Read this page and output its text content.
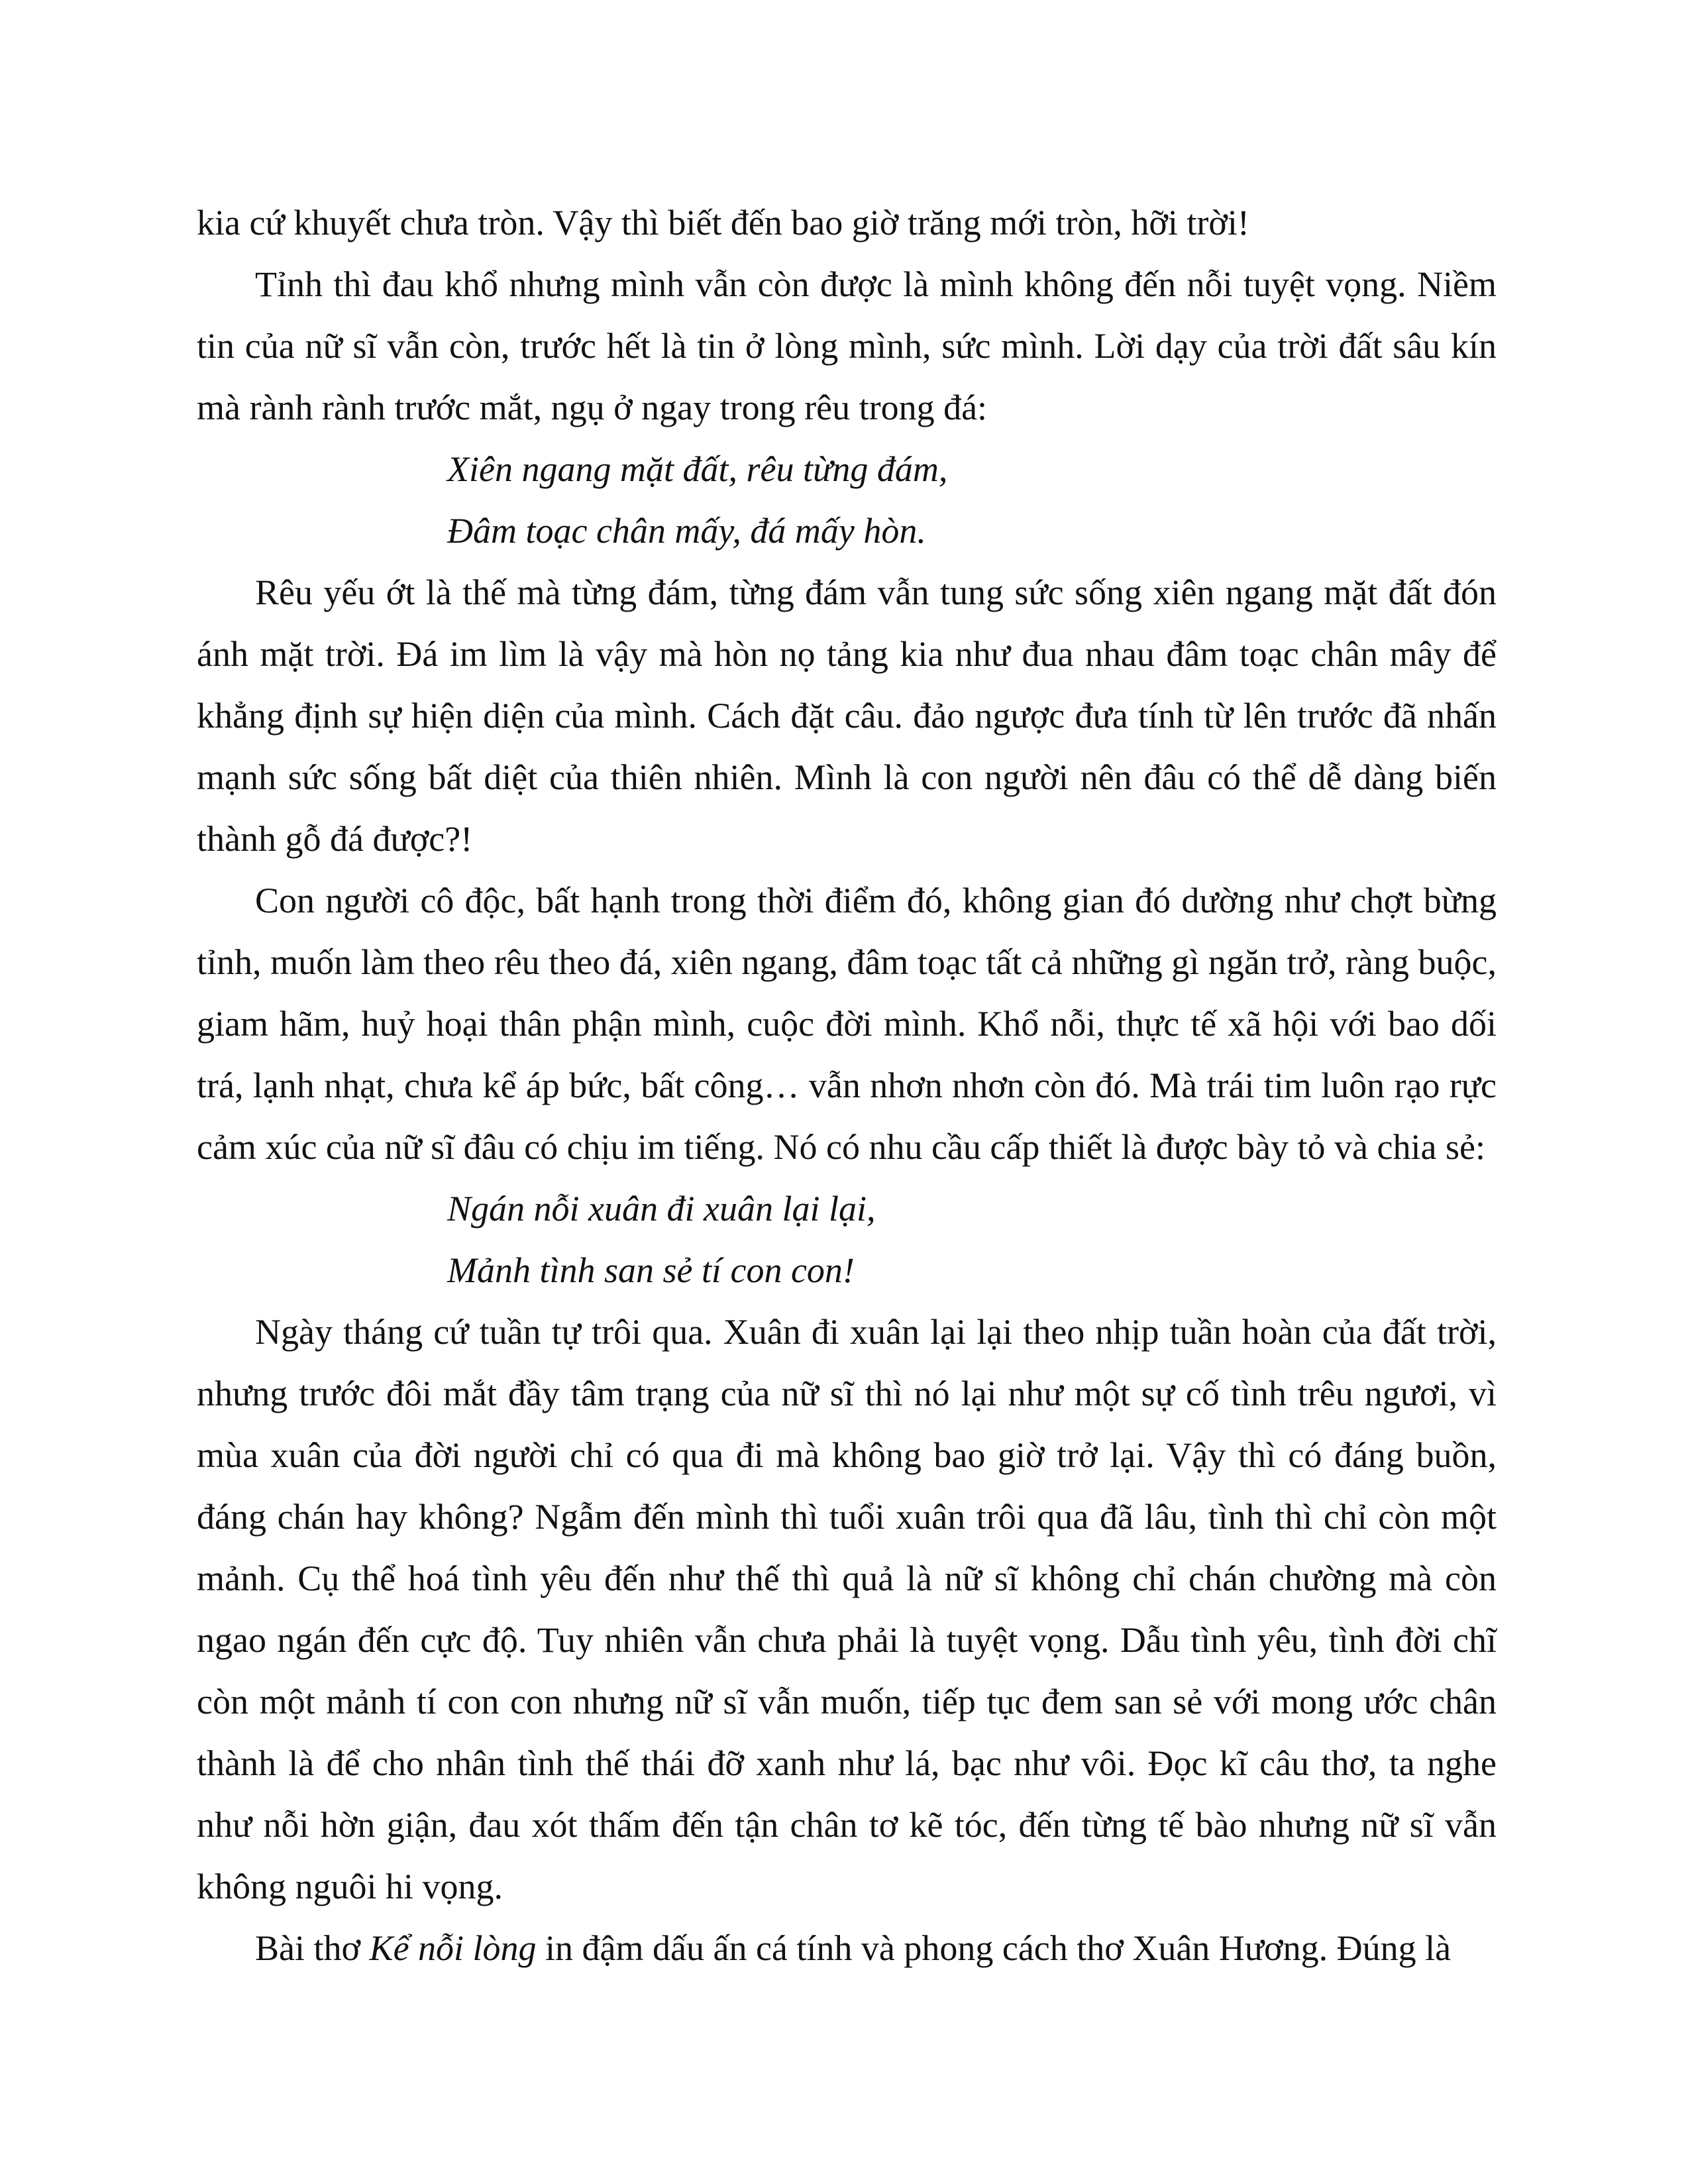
kia cứ khuyết chưa tròn. Vậy thì biết đến bao giờ trăng mới tròn, hỡi trời!

Tỉnh thì đau khổ nhưng mình vẫn còn được là mình không đến nỗi tuyệt vọng. Niềm tin của nữ sĩ vẫn còn, trước hết là tin ở lòng mình, sức mình. Lời dạy của trời đất sâu kín mà rành rành trước mắt, ngụ ở ngay trong rêu trong đá:

Xiên ngang mặt đất, rêu từng đám,
Đâm toạc chân mấy, đá mấy hòn.

Rêu yếu ớt là thế mà từng đám, từng đám vẫn tung sức sống xiên ngang mặt đất đón ánh mặt trời. Đá im lìm là vậy mà hòn nọ tảng kia như đua nhau đâm toạc chân mây để khẳng định sự hiện diện của mình. Cách đặt câu. đảo ngược đưa tính từ lên trước đã nhấn mạnh sức sống bất diệt của thiên nhiên. Mình là con người nên đâu có thể dễ dàng biến thành gỗ đá được?!

Con người cô độc, bất hạnh trong thời điểm đó, không gian đó dường như chợt bừng tỉnh, muốn làm theo rêu theo đá, xiên ngang, đâm toạc tất cả những gì ngăn trở, ràng buộc, giam hãm, huỷ hoại thân phận mình, cuộc đời mình. Khổ nỗi, thực tế xã hội với bao dối trá, lạnh nhạt, chưa kể áp bức, bất công… vẫn nhơn nhơn còn đó. Mà trái tim luôn rạo rực cảm xúc của nữ sĩ đâu có chịu im tiếng. Nó có nhu cầu cấp thiết là được bày tỏ và chia sẻ:

Ngán nỗi xuân đi xuân lại lại,
Mảnh tình san sẻ tí con con!

Ngày tháng cứ tuần tự trôi qua. Xuân đi xuân lại lại theo nhịp tuần hoàn của đất trời, nhưng trước đôi mắt đầy tâm trạng của nữ sĩ thì nó lại như một sự cố tình trêu ngươi, vì mùa xuân của đời người chỉ có qua đi mà không bao giờ trở lại. Vậy thì có đáng buồn, đáng chán hay không? Ngẫm đến mình thì tuổi xuân trôi qua đã lâu, tình thì chỉ còn một mảnh. Cụ thể hoá tình yêu đến như thế thì quả là nữ sĩ không chỉ chán chường mà còn ngao ngán đến cực độ. Tuy nhiên vẫn chưa phải là tuyệt vọng. Dẫu tình yêu, tình đời chĩ còn một mảnh tí con con nhưng nữ sĩ vẫn muốn, tiếp tục đem san sẻ với mong ước chân thành là để cho nhân tình thế thái đỡ xanh như lá, bạc như vôi. Đọc kĩ câu thơ, ta nghe như nỗi hờn giận, đau xót thấm đến tận chân tơ kẽ tóc, đến từng tế bào nhưng nữ sĩ vẫn không nguôi hi vọng.

Bài thơ Kể nỗi lòng in đậm dấu ấn cá tính và phong cách thơ Xuân Hương. Đúng là
